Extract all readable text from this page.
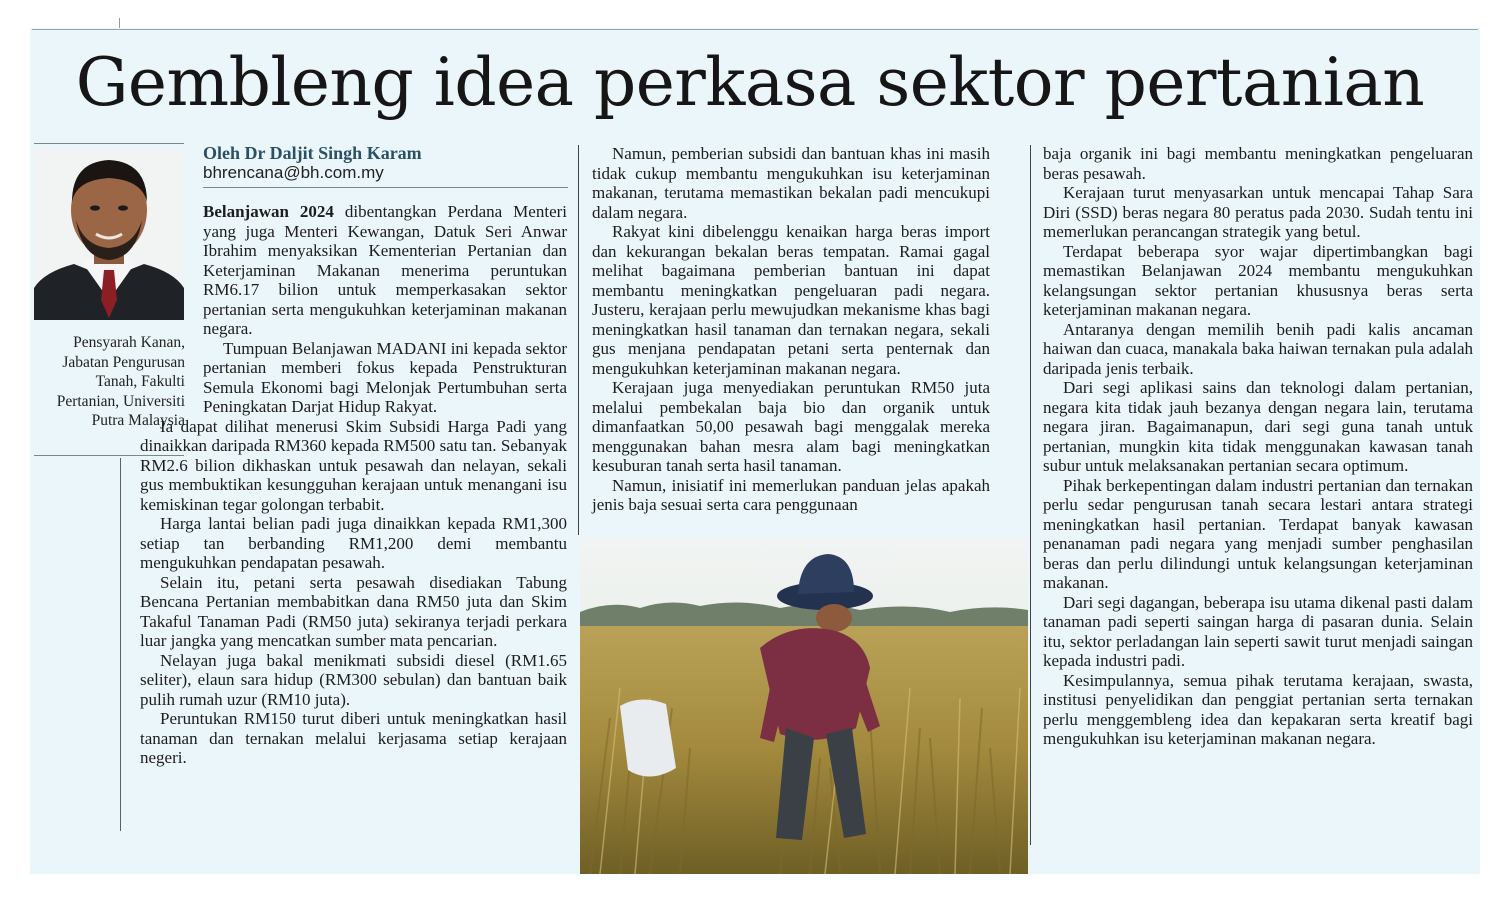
Gembleng idea perkasa sektor pertanian
Pensyarah Kanan, Jabatan Pengurusan Tanah, Fakulti Pertanian, Universiti Putra Malaysia
Oleh Dr Daljit Singh Karam
bhrencana@bh.com.my

Belanjawan 2024 dibentangkan Perdana Menteri yang juga Menteri Kewangan, Datuk Seri Anwar Ibrahim menyaksikan Kementerian Pertanian dan Keterjaminan Makanan menerima peruntukan RM6.17 bilion untuk memperkasakan sektor pertanian serta mengukuhkan keterjaminan makanan negara.

Tumpuan Belanjawan MADANI ini kepada sektor pertanian memberi fokus kepada Penstrukturan Semula Ekonomi bagi Melonjak Pertumbuhan serta Peningkatan Darjat Hidup Rakyat.

Ia dapat dilihat menerusi Skim Subsidi Harga Padi yang dinaikkan daripada RM360 kepada RM500 satu tan. Sebanyak RM2.6 bilion dikhaskan untuk pesawah dan nelayan, sekali gus membuktikan kesungguhan kerajaan untuk menangani isu kemiskinan tegar golongan terbabit.

Harga lantai belian padi juga dinaikkan kepada RM1,300 setiap tan berbanding RM1,200 demi membantu mengukuhkan pendapatan pesawah.

Selain itu, petani serta pesawah disediakan Tabung Bencana Pertanian membabitkan dana RM50 juta dan Skim Takaful Tanaman Padi (RM50 juta) sekiranya terjadi perkara luar jangka yang mencatkan sumber mata pencarian.

Nelayan juga bakal menikmati subsidi diesel (RM1.65 seliter), elaun sara hidup (RM300 sebulan) dan bantuan baik pulih rumah uzur (RM10 juta).

Peruntukan RM150 turut diberi untuk meningkatkan hasil tanaman dan ternakan melalui kerjasama setiap kerajaan negeri.

Namun, pemberian subsidi dan bantuan khas ini masih tidak cukup membantu mengukuhkan isu keterjaminan makanan, terutama memastikan bekalan padi mencukupi dalam negara.

Rakyat kini dibelenggu kenaikan harga beras import dan kekurangan bekalan beras tempatan. Ramai gagal melihat bagaimana pemberian bantuan ini dapat membantu meningkatkan pengeluaran padi negara. Justeru, kerajaan perlu mewujudkan mekanisme khas bagi meningkatkan hasil tanaman dan ternakan negara, sekali gus menjana pendapatan petani serta penternak dan mengukuhkan keterjaminan makanan negara.

Kerajaan juga menyediakan peruntukan RM50 juta melalui pembekalan baja bio dan organik untuk dimanfaatkan 50,00 pesawah bagi menggalak mereka menggunakan bahan mesra alam bagi meningkatkan kesuburan tanah serta hasil tanaman.

Namun, inisiatif ini memerlukan panduan jelas apakah jenis baja sesuai serta cara penggunaan

baja organik ini bagi membantu meningkatkan pengeluaran beras pesawah.

Kerajaan turut menyasarkan untuk mencapai Tahap Sara Diri (SSD) beras negara 80 peratus pada 2030. Sudah tentu ini memerlukan perancangan strategik yang betul.

Terdapat beberapa syor wajar dipertimbangkan bagi memastikan Belanjawan 2024 membantu mengukuhkan kelangsungan sektor pertanian khususnya beras serta keterjaminan makanan negara.

Antaranya dengan memilih benih padi kalis ancaman haiwan dan cuaca, manakala baka haiwan ternakan pula adalah daripada jenis terbaik.

Dari segi aplikasi sains dan teknologi dalam pertanian, negara kita tidak jauh bezanya dengan negara lain, terutama negara jiran. Bagaimanapun, dari segi guna tanah untuk pertanian, mungkin kita tidak menggunakan kawasan tanah subur untuk melaksanakan pertanian secara optimum.

Pihak berkepentingan dalam industri pertanian dan ternakan perlu sedar pengurusan tanah secara lestari antara strategi meningkatkan hasil pertanian. Terdapat banyak kawasan penanaman padi negara yang menjadi sumber penghasilan beras dan perlu dilindungi untuk kelangsungan keterjaminan makanan.

Dari segi dagangan, beberapa isu utama dikenal pasti dalam tanaman padi seperti saingan harga di pasaran dunia. Selain itu, sektor perladangan lain seperti sawit turut menjadi saingan kepada industri padi.

Kesimpulannya, semua pihak terutama kerajaan, swasta, institusi penyelidikan dan penggiat pertanian serta ternakan perlu menggembleng idea dan kepakaran serta kreatif bagi mengukuhkan isu keterjaminan makanan negara.
